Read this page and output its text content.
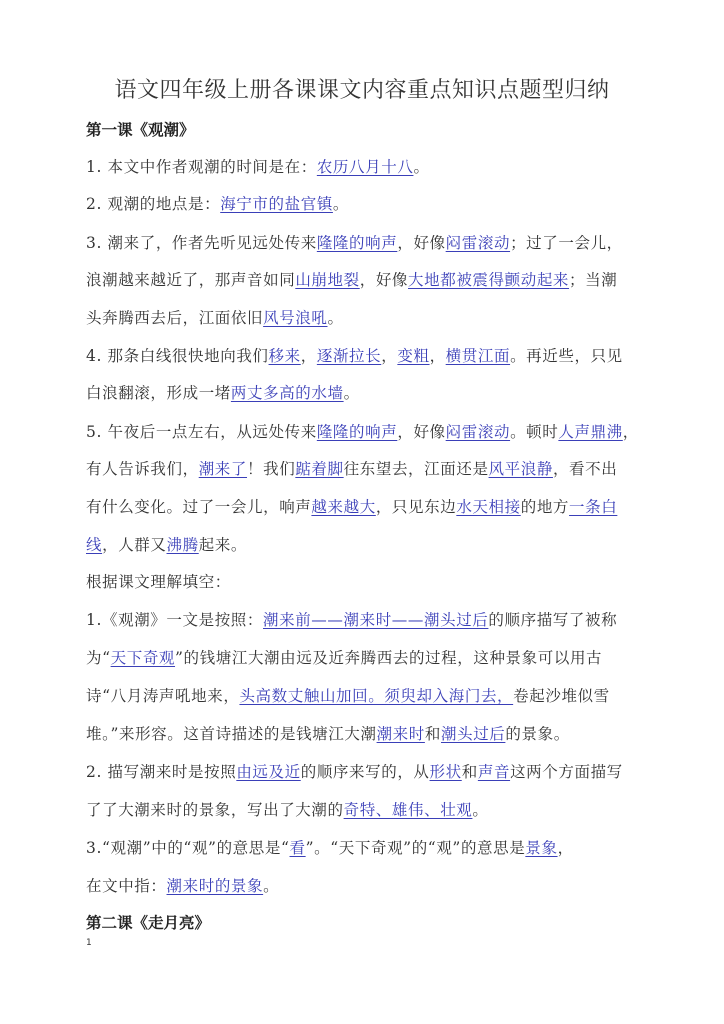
语文四年级上册各课课文内容重点知识点题型归纳
第一课《观潮》
1. 本文中作者观潮的时间是在：农历八月十八。
2. 观潮的地点是：海宁市的盐官镇。
3. 潮来了，作者先听见远处传来隆隆的响声，好像闷雷滚动；过了一会儿，
浪潮越来越近了，那声音如同山崩地裂，好像大地都被震得颤动起来；当潮
头奔腾西去后，江面依旧风号浪吼。
4. 那条白线很快地向我们移来，逐渐拉长，变粗，横贯江面。再近些，只见
白浪翻滚，形成一堵两丈多高的水墙。
5. 午夜后一点左右，从远处传来隆隆的响声，好像闷雷滚动。顿时人声鼎沸，
有人告诉我们，潮来了！我们踮着脚往东望去，江面还是风平浪静，看不出
有什么变化。过了一会儿，响声越来越大，只见东边水天相接的地方一条白
线，人群又沸腾起来。
根据课文理解填空：
1.《观潮》一文是按照：潮来前——潮来时——潮头过后的顺序描写了被称
为“天下奇观”的钱塘江大潮由远及近奔腾西去的过程，这种景象可以用古
诗“八月涛声吼地来，头高数丈触山加回。须臾却入海门去，卷起沙堆似雪
堆。”来形容。这首诗描述的是钱塘江大潮潮来时和潮头过后的景象。
2. 描写潮来时是按照由远及近的顺序来写的，从形状和声音这两个方面描写
了了大潮来时的景象，写出了大潮的奇特、雄伟、壮观。
3.“观潮”中的“观”的意思是“看”。“天下奇观”的“观”的意思是景象，
在文中指：潮来时的景象。
第二课《走月亮》
1
